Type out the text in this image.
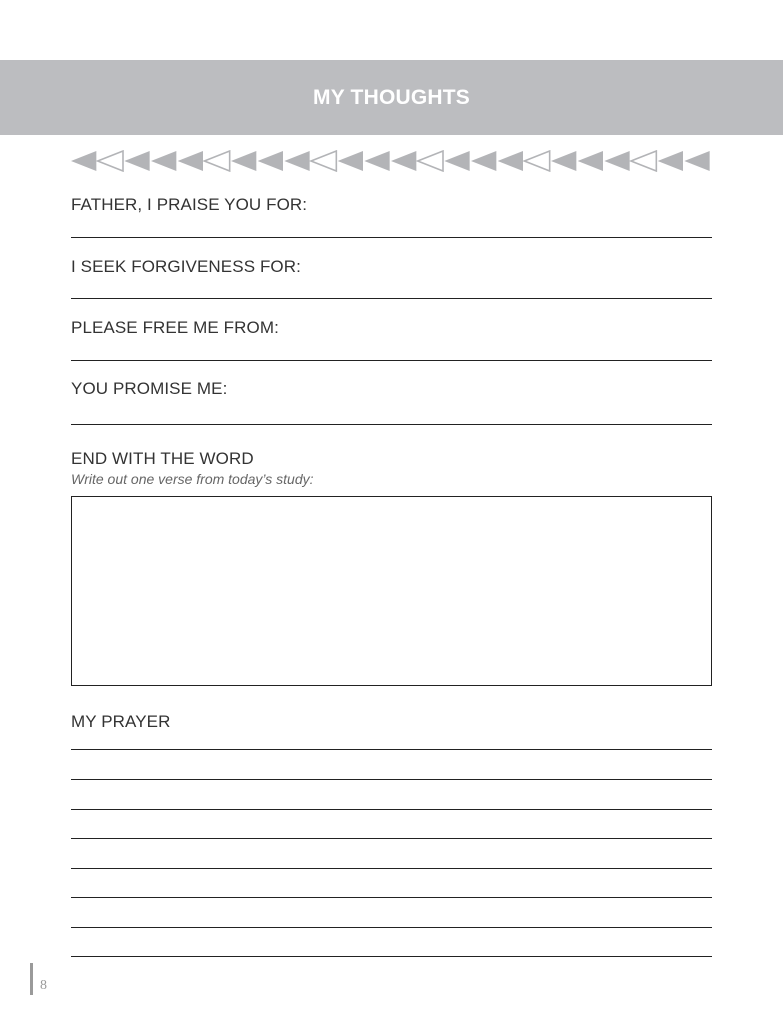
MY THOUGHTS
FATHER, I PRAISE YOU FOR:
I SEEK FORGIVENESS FOR:
PLEASE FREE ME FROM:
YOU PROMISE ME:
END WITH THE WORD
Write out one verse from today’s study:
MY PRAYER
8
